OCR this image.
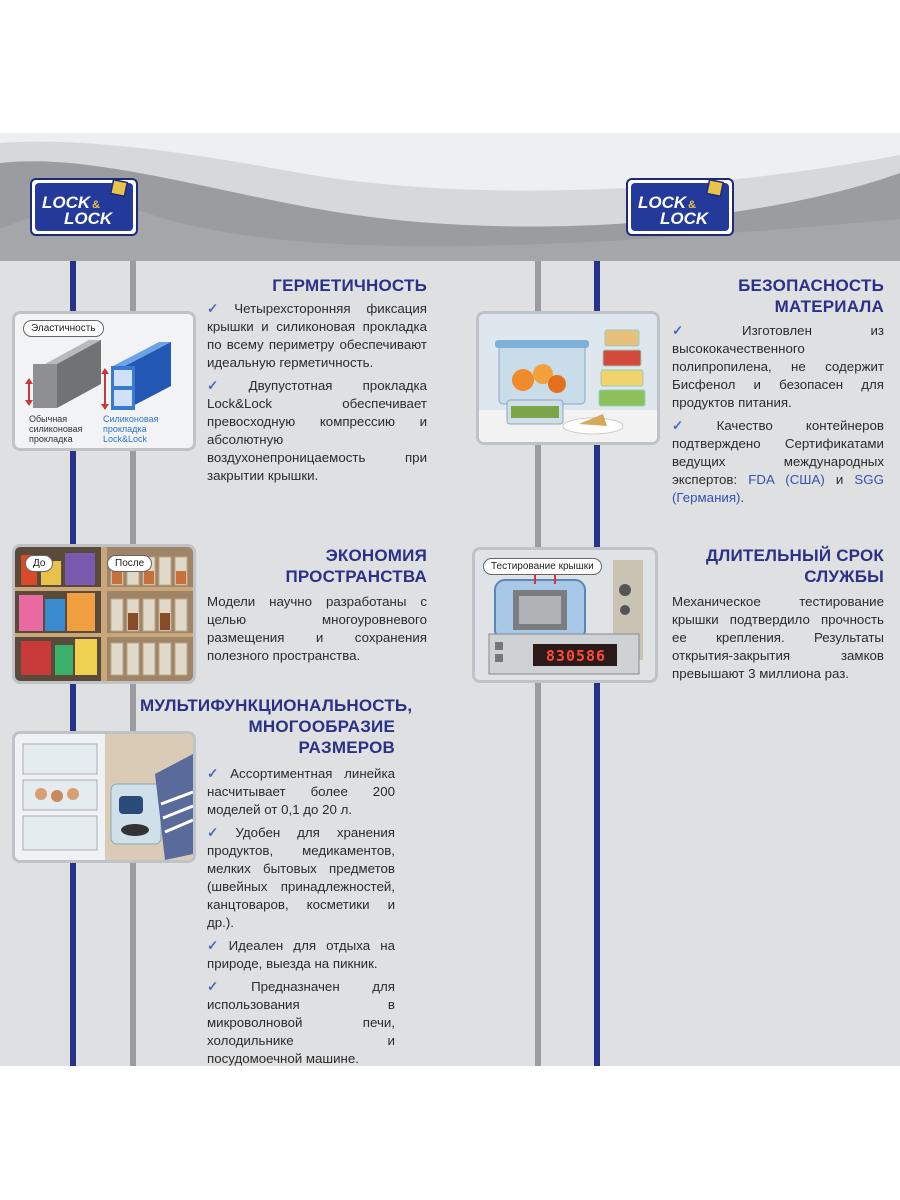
LOCK
LOCK
&	LOCK
LOCK
&
ГЕРМЕТИЧНОСТЬ
Эластичность
Обычная
силиконовая
прокладка
Силиконовая
прокладка
Lock&Lock

✓ Четырехсторонняя фиксация крышки и силиконовая прокладка по всему периметру обеспечивают идеальную герметичность.

✓ Двупустотная прокладка Lock&Lock обеспечивает превосходную компрессию и абсолютную воздухонепроницаемость при закрытии крышки.

БЕЗОПАСНОСТЬ
МАТЕРИАЛА

✓ Изготовлен из высококачественного полипропилена, не содержит Бисфенол и безопасен для продуктов питания.

✓ Качество контейнеров подтверждено Сертификатами ведущих международных экспертов: FDA (США) и SGG (Германия).

ЭКОНОМИЯ
ПРОСТРАНСТВА
До	После

Модели научно разработаны с целью многоуровневого размещения и сохранения полезного пространства.

ДЛИТЕЛЬНЫЙ СРОК
СЛУЖБЫ
830586
Тестирование крышки

Механическое тестирование крышки подтвердило прочность ее крепления. Результаты открытия-закрытия замков превышают 3 миллиона раз.

МУЛЬТИФУНКЦИОНАЛЬНОСТЬ,
МНОГООБРАЗИЕ
РАЗМЕРОВ

✓ Ассортиментная линейка насчитывает более 200 моделей от 0,1 до 20 л.

✓ Удобен для хранения продуктов, медикаментов, мелких бытовых предметов (швейных принадлежностей, канцтоваров, косметики и др.).

✓ Идеален для отдыха на природе, выезда на пикник.

✓ Предназначен для использования в микроволновой печи, холодильнике и посудомоечной машине.
